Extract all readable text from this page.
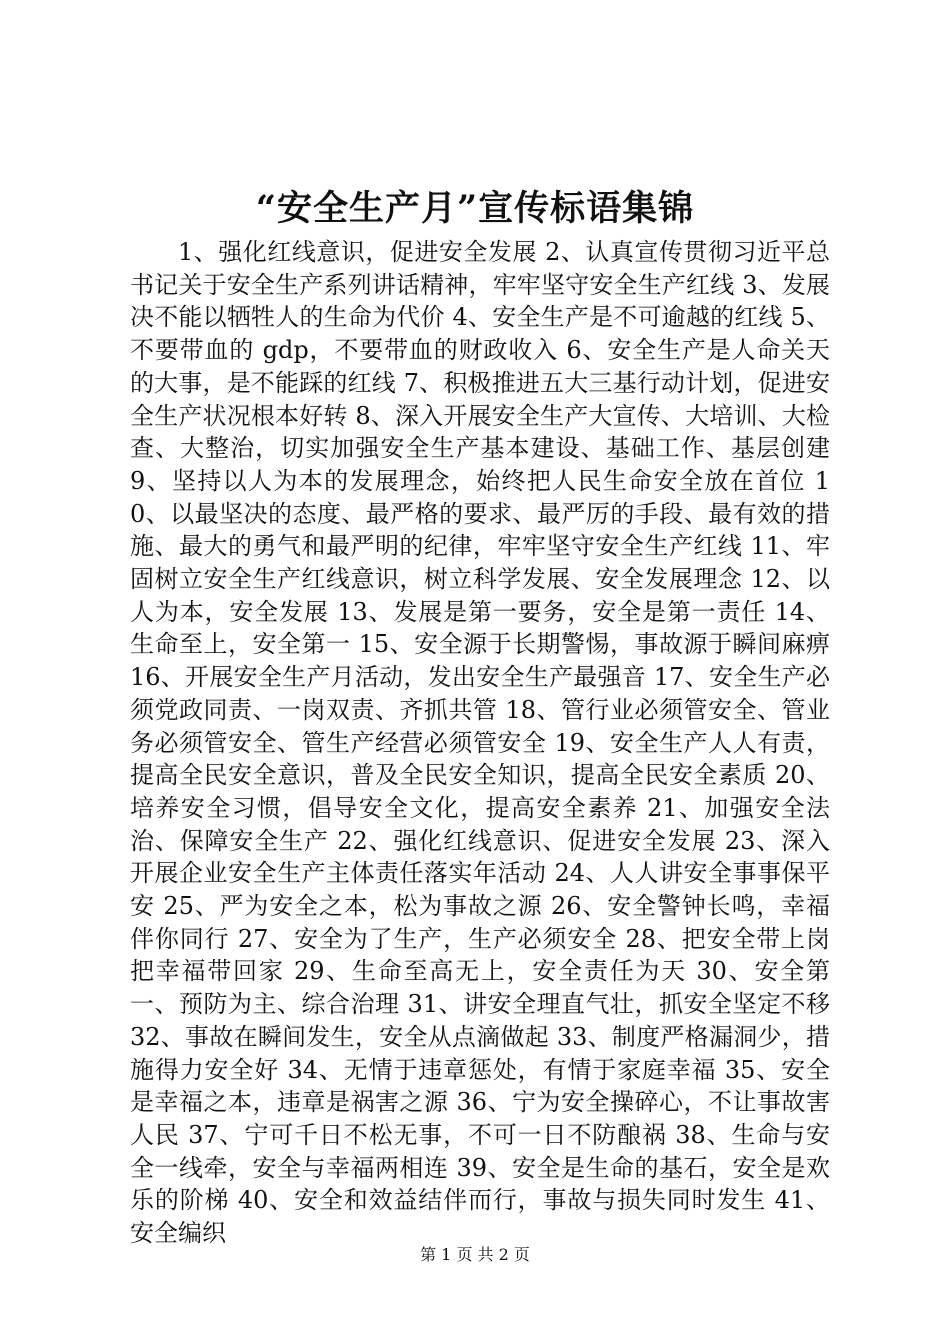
“安全生产月”宣传标语集锦

1、强化红线意识，促进安全发展 2、认真宣传贯彻习近平总书记关于安全生产系列讲话精神，牢牢坚守安全生产红线 3、发展决不能以牺牲人的生命为代价 4、安全生产是不可逾越的红线 5、不要带血的 gdp，不要带血的财政收入 6、安全生产是人命关天的大事，是不能踩的红线 7、积极推进五大三基行动计划，促进安全生产状况根本好转 8、深入开展安全生产大宣传、大培训、大检查、大整治，切实加强安全生产基本建设、基础工作、基层创建 9、坚持以人为本的发展理念，始终把人民生命安全放在首位 10、以最坚决的态度、最严格的要求、最严厉的手段、最有效的措施、最大的勇气和最严明的纪律，牢牢坚守安全生产红线 11、牢固树立安全生产红线意识，树立科学发展、安全发展理念 12、以人为本，安全发展 13、发展是第一要务，安全是第一责任 14、生命至上，安全第一 15、安全源于长期警惕，事故源于瞬间麻痹 16、开展安全生产月活动，发出安全生产最强音 17、安全生产必须党政同责、一岗双责、齐抓共管 18、管行业必须管安全、管业务必须管安全、管生产经营必须管安全 19、安全生产人人有责，提高全民安全意识，普及全民安全知识，提高全民安全素质 20、培养安全习惯，倡导安全文化，提高安全素养 21、加强安全法治、保障安全生产 22、强化红线意识、促进安全发展 23、深入开展企业安全生产主体责任落实年活动 24、人人讲安全事事保平安 25、严为安全之本，松为事故之源 26、安全警钟长鸣，幸福伴你同行 27、安全为了生产，生产必须安全 28、把安全带上岗把幸福带回家 29、生命至高无上，安全责任为天 30、安全第一、预防为主、综合治理 31、讲安全理直气壮，抓安全坚定不移 32、事故在瞬间发生，安全从点滴做起 33、制度严格漏洞少，措施得力安全好 34、无情于违章惩处，有情于家庭幸福 35、安全是幸福之本，违章是祸害之源 36、宁为安全操碎心，不让事故害人民 37、宁可千日不松无事，不可一日不防酿祸 38、生命与安全一线牵，安全与幸福两相连 39、安全是生命的基石，安全是欢乐的阶梯 40、安全和效益结伴而行，事故与损失同时发生 41、安全编织

第 1 页 共 2 页
